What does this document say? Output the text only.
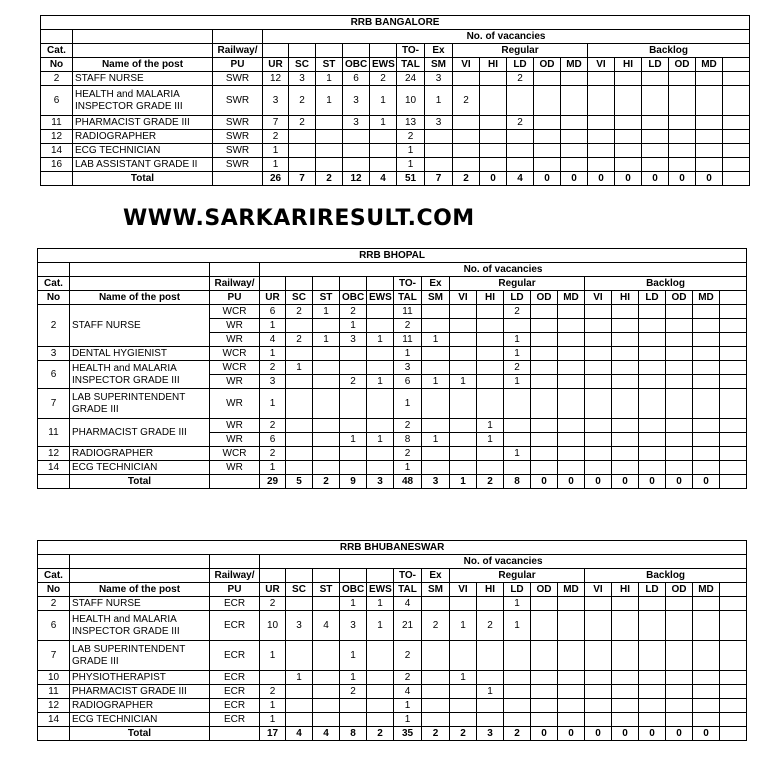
RRB BANGALORE																				
			No. of vacancies																	
Cat.		Railway/						TO-	Ex	Regular					Backlog					
No	Name of the post	PU	UR	SC	ST	OBC	EWS	TAL	SM	VI	HI	LD	OD	MD	VI	HI	LD	OD	MD	
2	STAFF NURSE	SWR	12	3	1	6	2	24	3			2								
6	HEALTH and MALARIA INSPECTOR GRADE III	SWR	3	2	1	3	1	10	1	2										
11	PHARMACIST GRADE III	SWR	7	2		3	1	13	3			2								
12	RADIOGRAPHER	SWR	2					2												
14	ECG TECHNICIAN	SWR	1					1												
16	LAB ASSISTANT GRADE II	SWR	1					1												
	Total		26	7	2	12	4	51	7	2	0	4	0	0	0	0	0	0	0	
WWW.SARKARIRESULT.COM
RRB BHOPAL																				
			No. of vacancies																	
Cat.		Railway/						TO-	Ex	Regular					Backlog					
No	Name of the post	PU	UR	SC	ST	OBC	EWS	TAL	SM	VI	HI	LD	OD	MD	VI	HI	LD	OD	MD	
2	STAFF NURSE	WCR	6	2	1	2		11				2								
		WR	1			1		2												
		WR	4	2	1	3	1	11	1			1								
3	DENTAL HYGIENIST	WCR	1					1				1								
6	HEALTH and MALARIA INSPECTOR GRADE III	WCR	2	1				3				2								
		WR	3			2	1	6	1	1		1								
7	LAB SUPERINTENDENT GRADE III	WR	1					1												
11	PHARMACIST GRADE III	WR	2					2			1									
		WR	6			1	1	8	1		1									
12	RADIOGRAPHER	WCR	2					2				1								
14	ECG TECHNICIAN	WR	1					1												
	Total		29	5	2	9	3	48	3	1	2	8	0	0	0	0	0	0	0	
RRB BHUBANESWAR																				
			No. of vacancies																	
Cat.		Railway/						TO-	Ex	Regular					Backlog					
No	Name of the post	PU	UR	SC	ST	OBC	EWS	TAL	SM	VI	HI	LD	OD	MD	VI	HI	LD	OD	MD	
2	STAFF NURSE	ECR	2			1	1	4				1								
6	HEALTH and MALARIA INSPECTOR GRADE III	ECR	10	3	4	3	1	21	2	1	2	1								
7	LAB SUPERINTENDENT GRADE III	ECR	1			1		2												
10	PHYSIOTHERAPIST	ECR		1		1		2		1										
11	PHARMACIST GRADE III	ECR	2			2		4			1									
12	RADIOGRAPHER	ECR	1					1												
14	ECG TECHNICIAN	ECR	1					1												
	Total		17	4	4	8	2	35	2	2	3	2	0	0	0	0	0	0	0	
